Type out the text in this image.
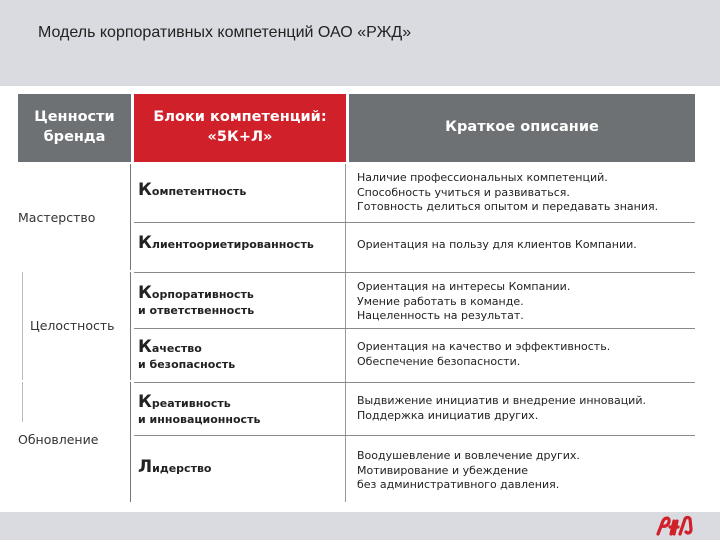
Модель корпоративных компетенций ОАО «РЖД»
Ценности
бренда
Блоки компетенций:
«5К+Л»
Краткое описание
Мастерство
Целостность
Обновление
Компетентность
Клиентоориетированность
Корпоративность
и ответственность
Качество
и безопасность
Креативность
и инновационность
Лидерство
Наличие профессиональных компетенций.
Способность учиться и развиваться.
Готовность делиться опытом и передавать знания.
Ориентация на пользу для клиентов Компании.
Ориентация на интересы Компании.
Умение работать в команде.
Нацеленность на результат.
Ориентация на качество и эффективность.
Обеспечение безопасности.
Выдвижение инициатив и внедрение инноваций.
Поддержка инициатив других.
Воодушевление и вовлечение других.
Мотивирование и убеждение
без административного давления.
